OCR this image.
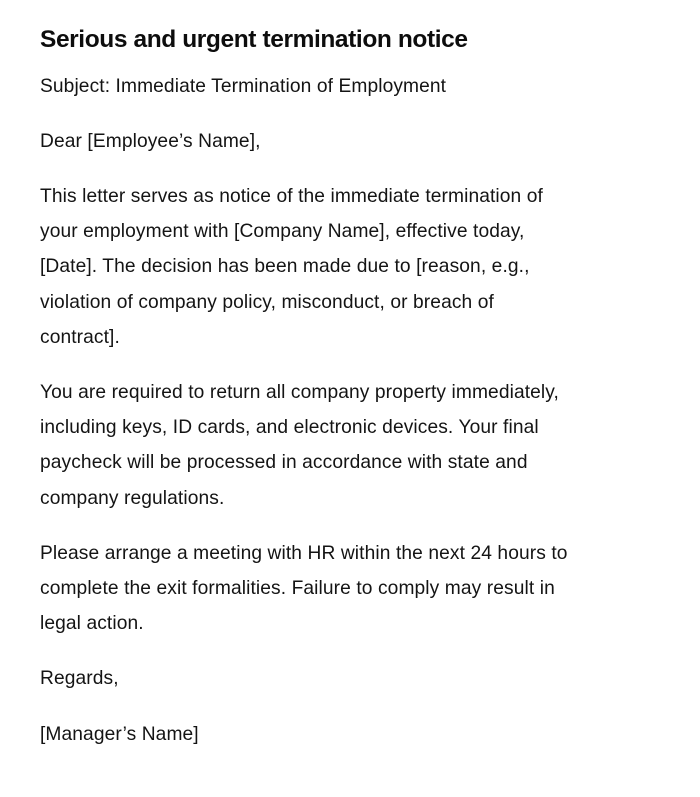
Serious and urgent termination notice

Subject: Immediate Termination of Employment

Dear [Employee’s Name],

This letter serves as notice of the immediate termination of
your employment with [Company Name], effective today,
[Date]. The decision has been made due to [reason, e.g.,
violation of company policy, misconduct, or breach of
contract].

You are required to return all company property immediately,
including keys, ID cards, and electronic devices. Your final
paycheck will be processed in accordance with state and
company regulations.

Please arrange a meeting with HR within the next 24 hours to
complete the exit formalities. Failure to comply may result in
legal action.

Regards,

[Manager’s Name]
